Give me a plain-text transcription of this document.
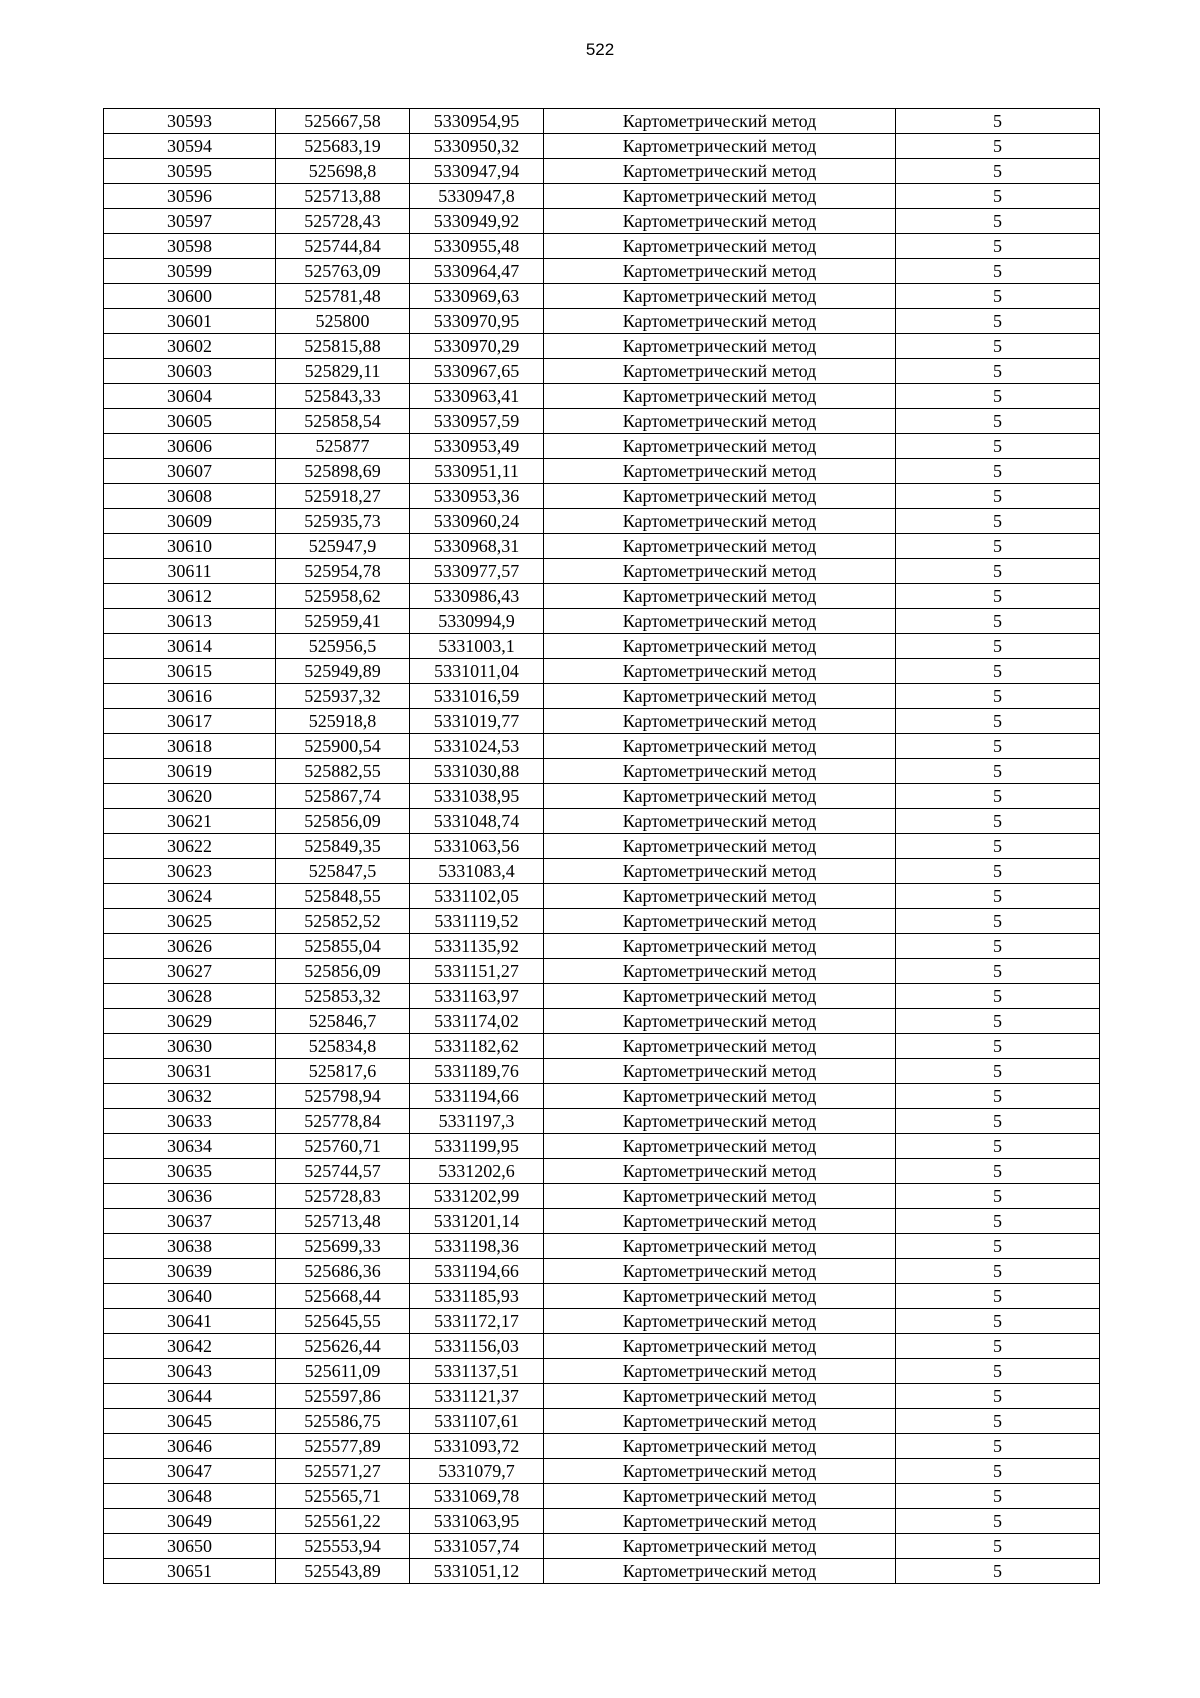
522
30593	525667,58	5330954,95	Картометрический метод	5
30594	525683,19	5330950,32	Картометрический метод	5
30595	525698,8	5330947,94	Картометрический метод	5
30596	525713,88	5330947,8	Картометрический метод	5
30597	525728,43	5330949,92	Картометрический метод	5
30598	525744,84	5330955,48	Картометрический метод	5
30599	525763,09	5330964,47	Картометрический метод	5
30600	525781,48	5330969,63	Картометрический метод	5
30601	525800	5330970,95	Картометрический метод	5
30602	525815,88	5330970,29	Картометрический метод	5
30603	525829,11	5330967,65	Картометрический метод	5
30604	525843,33	5330963,41	Картометрический метод	5
30605	525858,54	5330957,59	Картометрический метод	5
30606	525877	5330953,49	Картометрический метод	5
30607	525898,69	5330951,11	Картометрический метод	5
30608	525918,27	5330953,36	Картометрический метод	5
30609	525935,73	5330960,24	Картометрический метод	5
30610	525947,9	5330968,31	Картометрический метод	5
30611	525954,78	5330977,57	Картометрический метод	5
30612	525958,62	5330986,43	Картометрический метод	5
30613	525959,41	5330994,9	Картометрический метод	5
30614	525956,5	5331003,1	Картометрический метод	5
30615	525949,89	5331011,04	Картометрический метод	5
30616	525937,32	5331016,59	Картометрический метод	5
30617	525918,8	5331019,77	Картометрический метод	5
30618	525900,54	5331024,53	Картометрический метод	5
30619	525882,55	5331030,88	Картометрический метод	5
30620	525867,74	5331038,95	Картометрический метод	5
30621	525856,09	5331048,74	Картометрический метод	5
30622	525849,35	5331063,56	Картометрический метод	5
30623	525847,5	5331083,4	Картометрический метод	5
30624	525848,55	5331102,05	Картометрический метод	5
30625	525852,52	5331119,52	Картометрический метод	5
30626	525855,04	5331135,92	Картометрический метод	5
30627	525856,09	5331151,27	Картометрический метод	5
30628	525853,32	5331163,97	Картометрический метод	5
30629	525846,7	5331174,02	Картометрический метод	5
30630	525834,8	5331182,62	Картометрический метод	5
30631	525817,6	5331189,76	Картометрический метод	5
30632	525798,94	5331194,66	Картометрический метод	5
30633	525778,84	5331197,3	Картометрический метод	5
30634	525760,71	5331199,95	Картометрический метод	5
30635	525744,57	5331202,6	Картометрический метод	5
30636	525728,83	5331202,99	Картометрический метод	5
30637	525713,48	5331201,14	Картометрический метод	5
30638	525699,33	5331198,36	Картометрический метод	5
30639	525686,36	5331194,66	Картометрический метод	5
30640	525668,44	5331185,93	Картометрический метод	5
30641	525645,55	5331172,17	Картометрический метод	5
30642	525626,44	5331156,03	Картометрический метод	5
30643	525611,09	5331137,51	Картометрический метод	5
30644	525597,86	5331121,37	Картометрический метод	5
30645	525586,75	5331107,61	Картометрический метод	5
30646	525577,89	5331093,72	Картометрический метод	5
30647	525571,27	5331079,7	Картометрический метод	5
30648	525565,71	5331069,78	Картометрический метод	5
30649	525561,22	5331063,95	Картометрический метод	5
30650	525553,94	5331057,74	Картометрический метод	5
30651	525543,89	5331051,12	Картометрический метод	5
